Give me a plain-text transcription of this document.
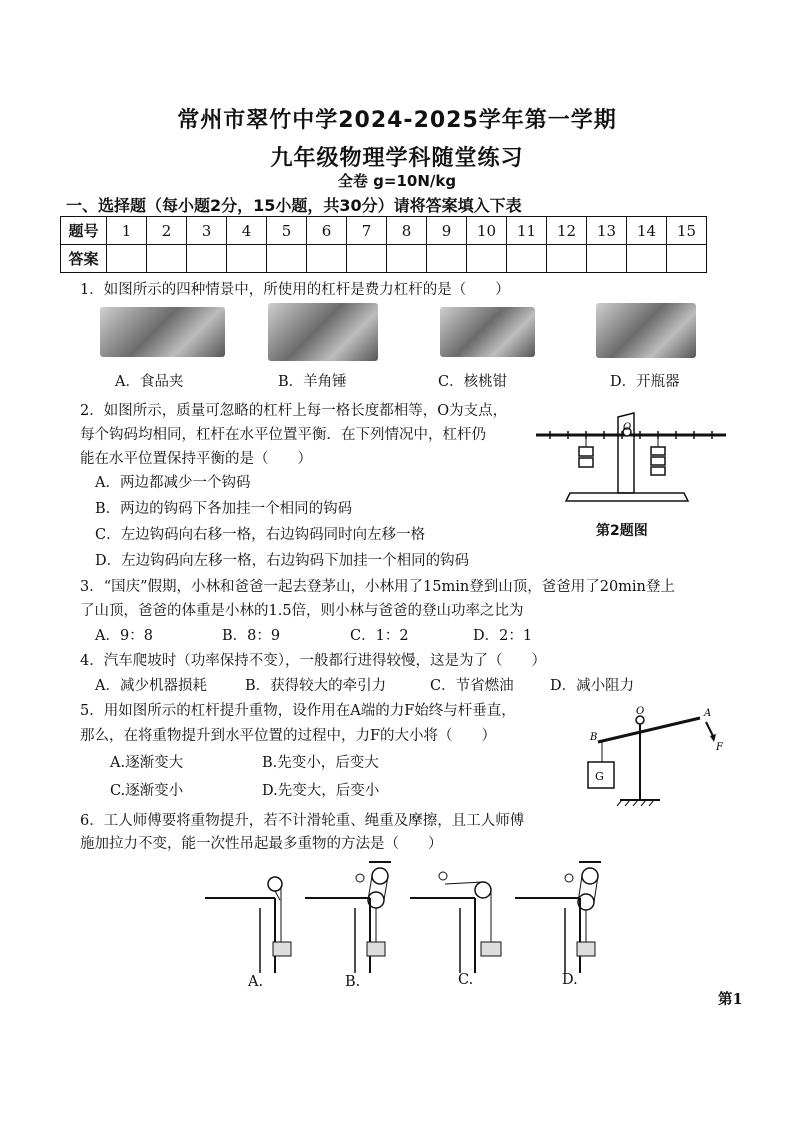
常州市翠竹中学2024-2025学年第一学期
九年级物理学科随堂练习
全卷 g=10N/kg
一、选择题（每小题2分，15小题，共30分）请将答案填入下表
题号	1	2	3	4	5	6	7	8	9	10	11	12	13	14	15
答案															
1．如图所示的四种情景中，所使用的杠杆是费力杠杆的是（　　）
A．食品夹	B．羊角锤	C．核桃钳	D．开瓶器
2．如图所示，质量可忽略的杠杆上每一格长度都相等，O为支点，
每个钩码均相同，杠杆在水平位置平衡．在下列情况中，杠杆仍
能在水平位置保持平衡的是（　　）
A．两边都减少一个钩码
B．两边的钩码下各加挂一个相同的钩码
C．左边钩码向右移一格，右边钩码同时向左移一格
D．左边钩码向左移一格，右边钩码下加挂一个相同的钩码
O
第2题图
3．“国庆”假期，小林和爸爸一起去登茅山，小林用了15min登到山顶，爸爸用了20min登上
了山顶，爸爸的体重是小林的1.5倍，则小林与爸爸的登山功率之比为
A．9：8	B．8：9	C．1：2	D．2：1
4．汽车爬坡时（功率保持不变），一般都行进得较慢，这是为了（　　）
A．减少机器损耗	B．获得较大的牵引力	C．节省燃油	D．减小阻力
5．用如图所示的杠杆提升重物，设作用在A端的力F始终与杆垂直，
那么，在将重物提升到水平位置的过程中，力F的大小将（　　）
A.逐渐变大	B.先变小，后变大
C.逐渐变小	D.先变大，后变小
G
O
B
A
F
6．工人师傅要将重物提升，若不计滑轮重、绳重及摩擦，且工人师傅
施加拉力不变，能一次性吊起最多重物的方法是（　　）
A.	B.	C.	D.
第1
